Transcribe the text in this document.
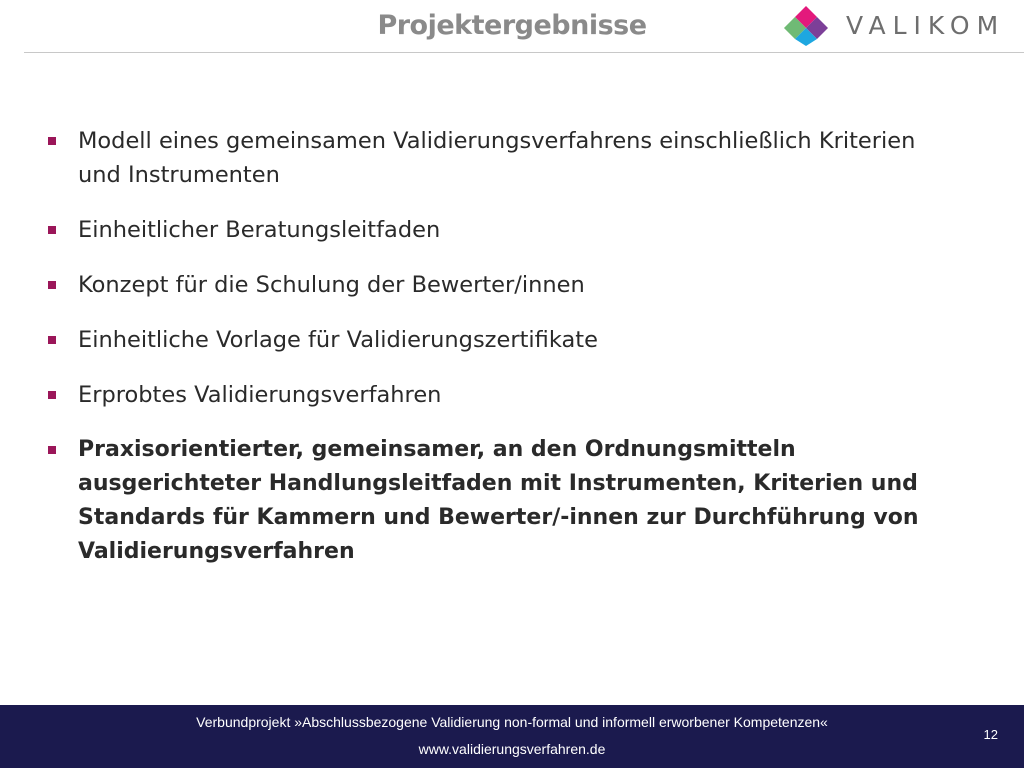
Projektergebnisse	VALIKOM
Modell eines gemeinsamen Validierungsverfahrens einschließlich Kriterien und Instrumenten
Einheitlicher Beratungsleitfaden
Konzept für die Schulung der Bewerter/innen
Einheitliche Vorlage für Validierungszertifikate
Erprobtes Validierungsverfahren
Praxisorientierter, gemeinsamer, an den Ordnungsmitteln ausgerichteter Handlungsleitfaden mit Instrumenten, Kriterien und Standards für Kammern und Bewerter/-innen zur Durchführung von Validierungsverfahren
Verbundprojekt »Abschlussbezogene Validierung non-formal und informell erworbener Kompetenzen«
www.validierungsverfahren.de
12
